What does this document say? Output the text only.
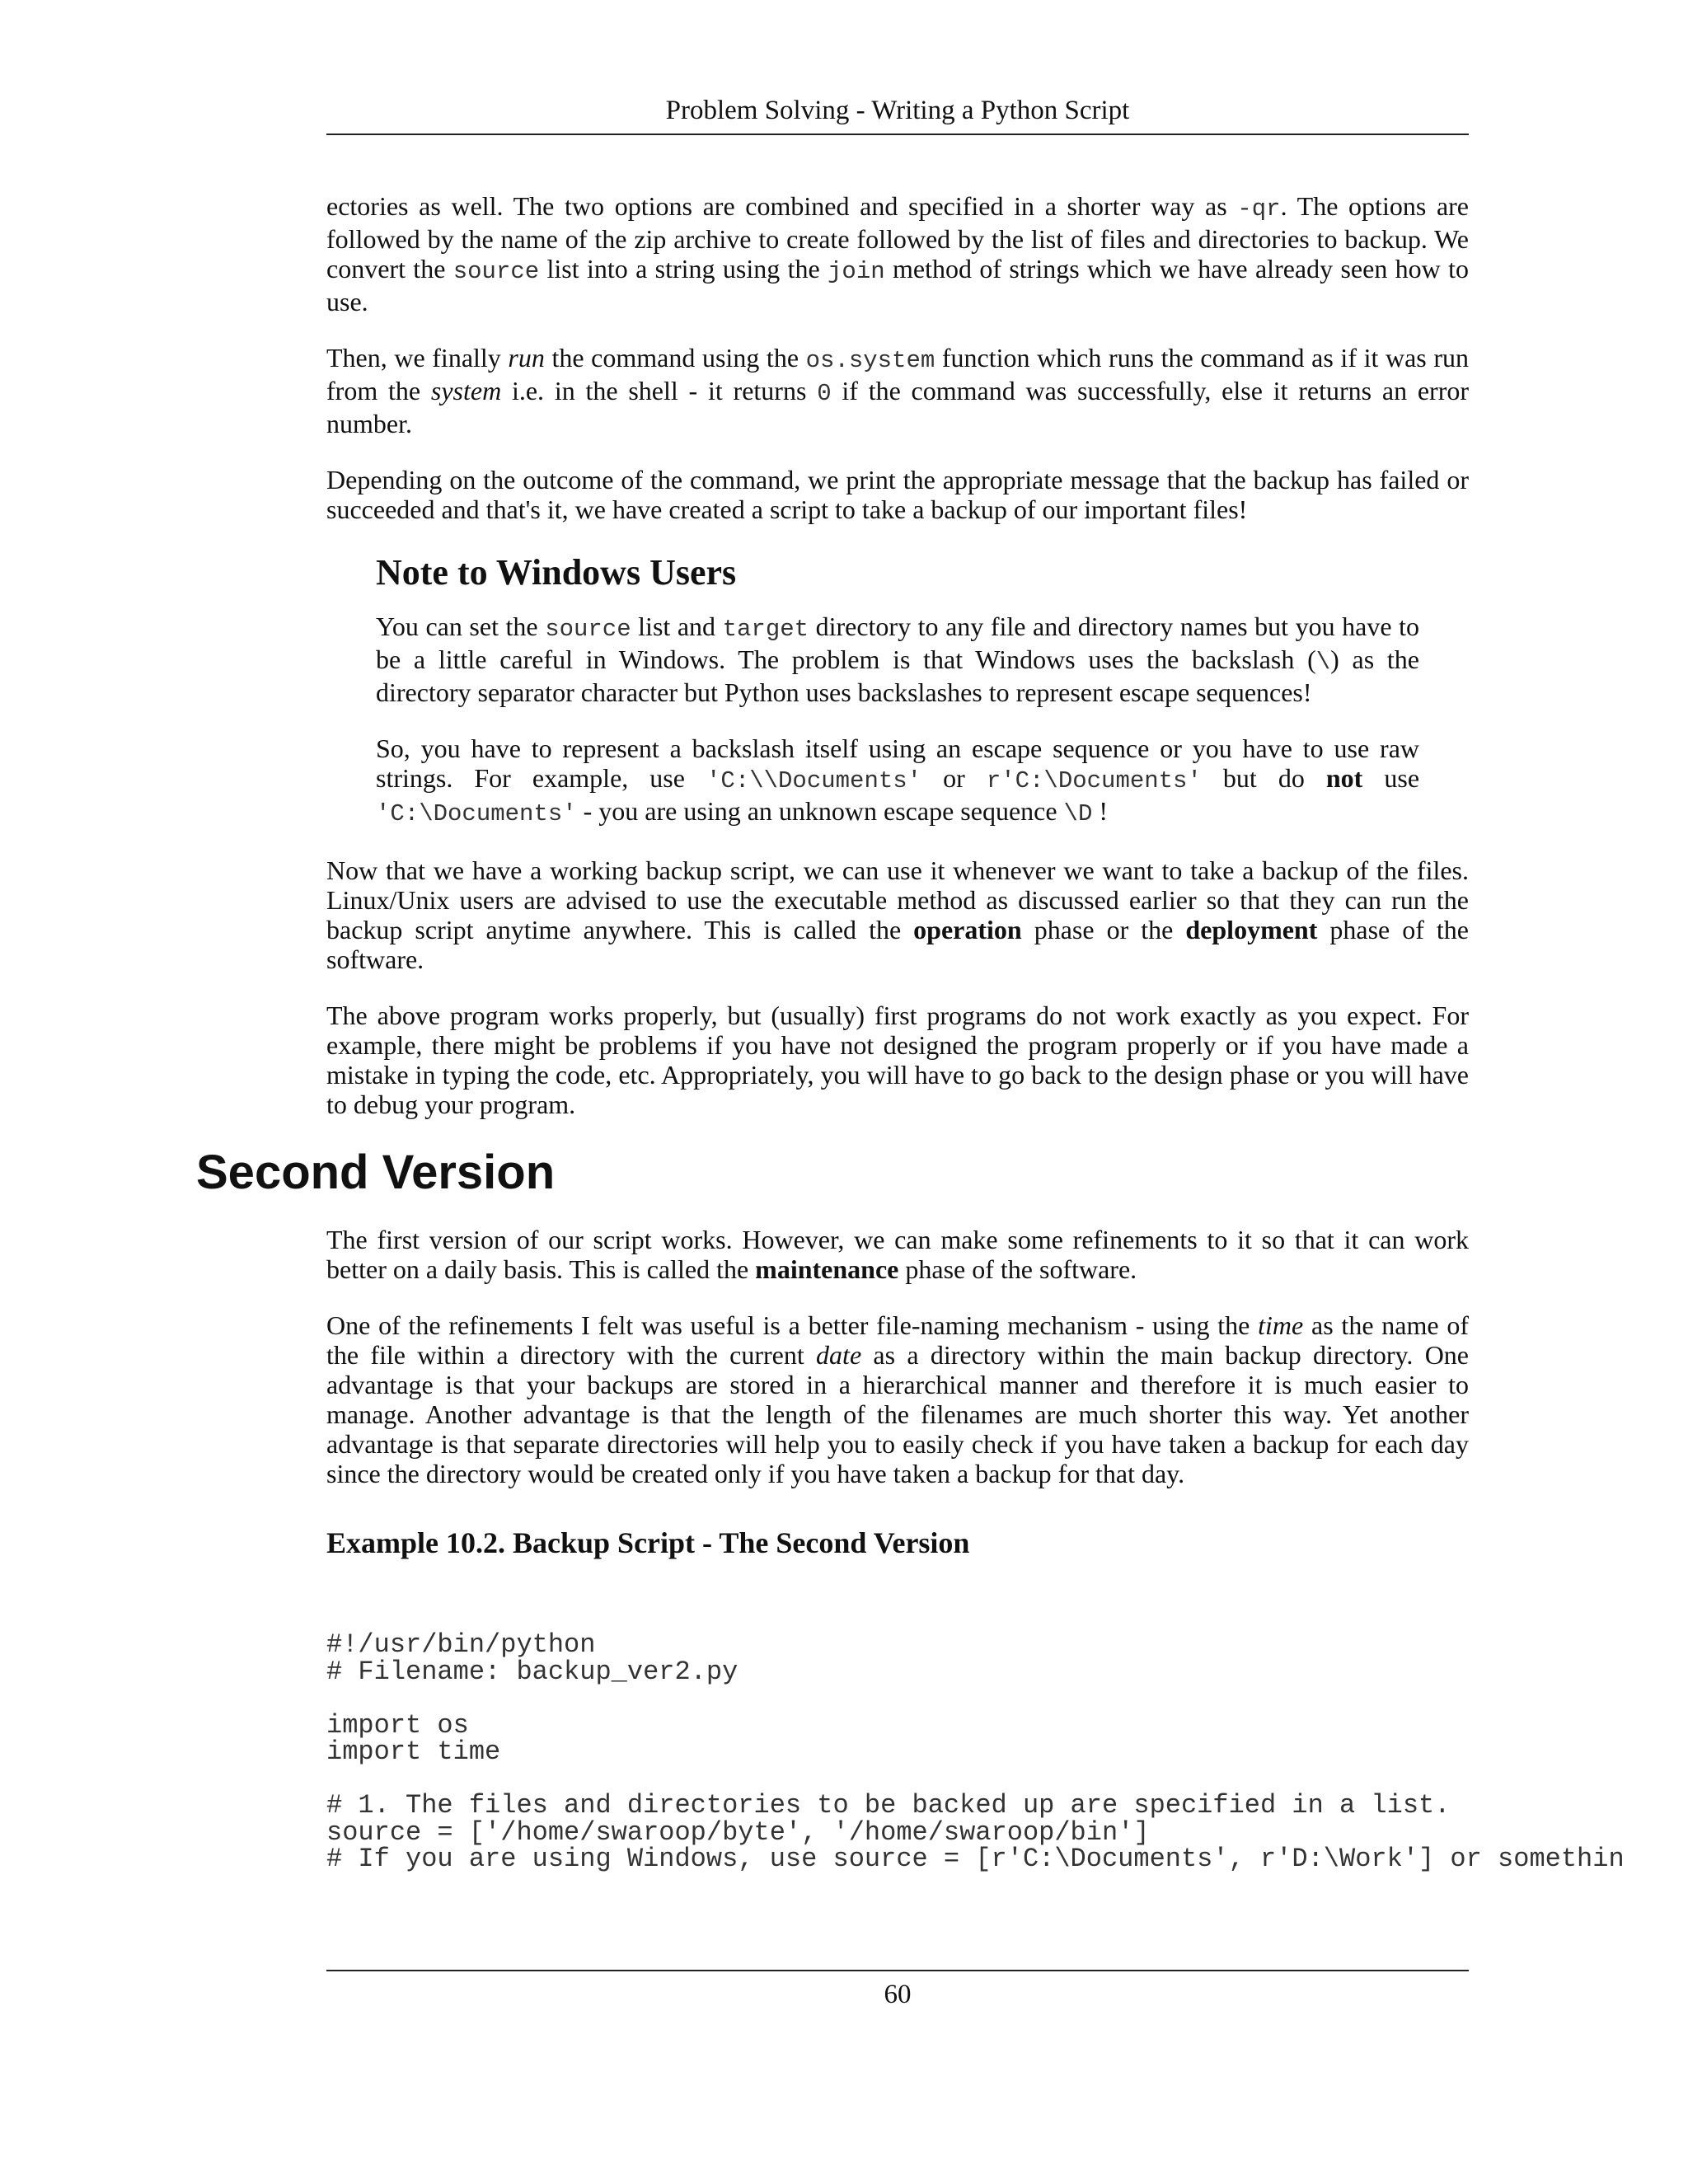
Problem Solving - Writing a Python Script

ectories as well. The two options are combined and specified in a shorter way as -qr. The options are followed by the name of the zip archive to create followed by the list of files and directories to backup. We convert the source list into a string using the join method of strings which we have already seen how to use.

Then, we finally run the command using the os.system function which runs the command as if it was run from the system i.e. in the shell - it returns 0 if the command was successfully, else it returns an error number.

Depending on the outcome of the command, we print the appropriate message that the backup has failed or succeeded and that's it, we have created a script to take a backup of our important files!

Note to Windows Users

You can set the source list and target directory to any file and directory names but you have to be a little careful in Windows. The problem is that Windows uses the backslash (\) as the directory separator character but Python uses backslashes to represent escape sequences!

So, you have to represent a backslash itself using an escape sequence or you have to use raw strings. For example, use 'C:\\Documents' or r'C:\Documents' but do not use 'C:\Documents' - you are using an unknown escape sequence \D !

Now that we have a working backup script, we can use it whenever we want to take a backup of the files. Linux/Unix users are advised to use the executable method as discussed earlier so that they can run the backup script anytime anywhere. This is called the operation phase or the deployment phase of the software.

The above program works properly, but (usually) first programs do not work exactly as you expect. For example, there might be problems if you have not designed the program properly or if you have made a mistake in typing the code, etc. Appropriately, you will have to go back to the design phase or you will have to debug your program.

Second Version

The first version of our script works. However, we can make some refinements to it so that it can work better on a daily basis. This is called the maintenance phase of the software.

One of the refinements I felt was useful is a better file-naming mechanism - using the time as the name of the file within a directory with the current date as a directory within the main backup directory. One advantage is that your backups are stored in a hierarchical manner and therefore it is much easier to manage. Another advantage is that the length of the filenames are much shorter this way. Yet another advantage is that separate directories will help you to easily check if you have taken a backup for each day since the directory would be created only if you have taken a backup for that day.

Example 10.2. Backup Script - The Second Version
#!/usr/bin/python
# Filename: backup_ver2.py

import os
import time

# 1. The files and directories to be backed up are specified in a list.
source = ['/home/swaroop/byte', '/home/swaroop/bin']
# If you are using Windows, use source = [r'C:\Documents', r'D:\Work'] or somethin
60
